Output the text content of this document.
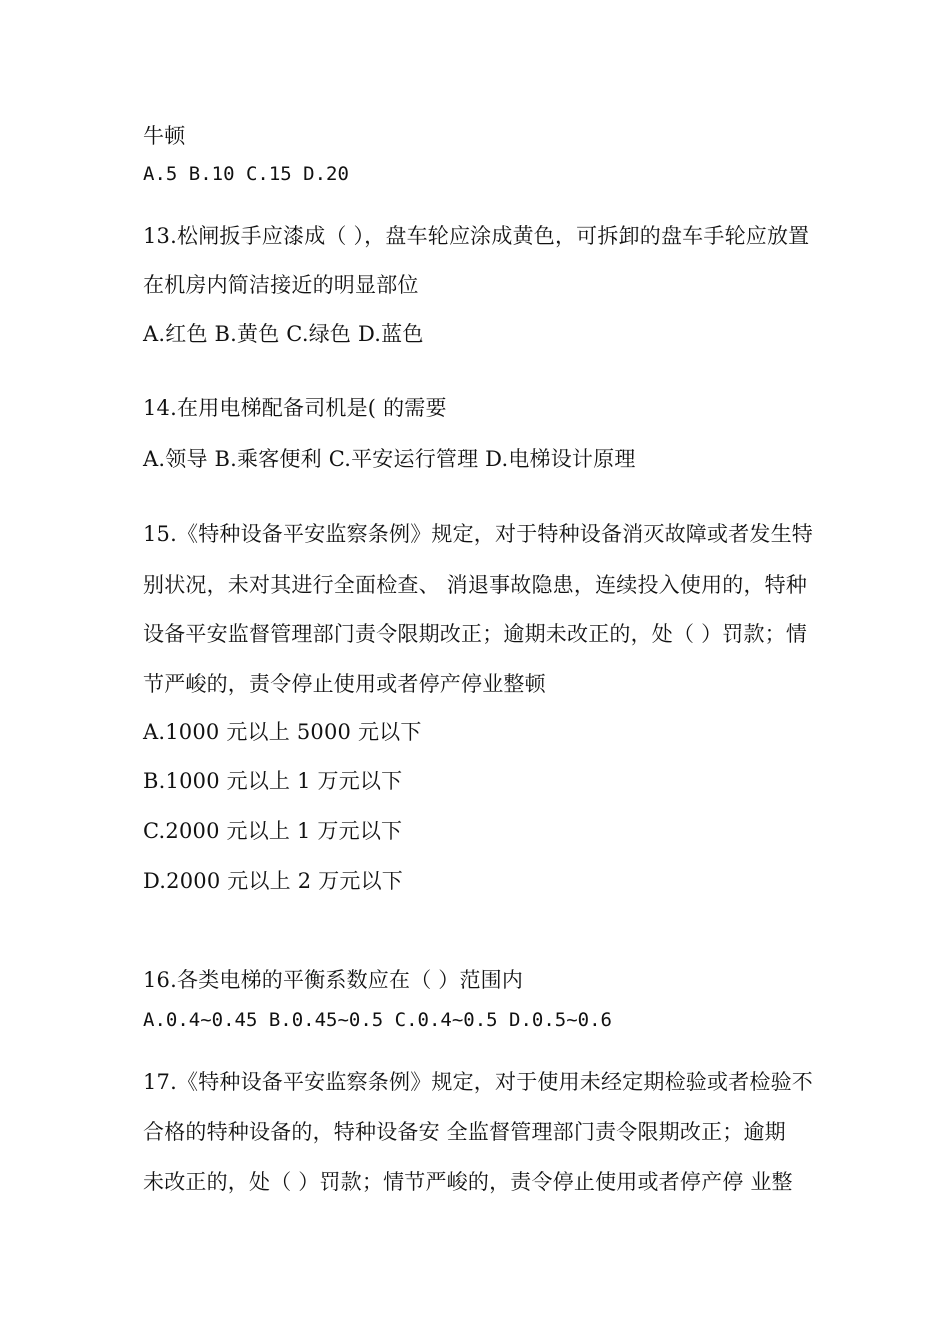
牛顿
A.5 B.10 C.15 D.20
13.松闸扳手应漆成（ ），盘车轮应涂成黄色，可拆卸的盘车手轮应放置
在机房内简洁接近的明显部位
A.红色 B.黄色 C.绿色 D.蓝色
14.在用电梯配备司机是( 的需要
A.领导 B.乘客便利 C.平安运行管理 D.电梯设计原理
15.《特种设备平安监察条例》规定，对于特种设备消灭故障或者发生特
别状况，未对其进行全面检查、 消退事故隐患，连续投入使用的，特种
设备平安监督管理部门责令限期改正；逾期未改正的，处（ ）罚款；情
节严峻的，责令停止使用或者停产停业整顿
A.1000 元以上 5000 元以下
B.1000 元以上 1 万元以下
C.2000 元以上 1 万元以下
D.2000 元以上 2 万元以下
16.各类电梯的平衡系数应在（ ）范围内
A.0.4~0.45 B.0.45~0.5 C.0.4~0.5 D.0.5~0.6
17.《特种设备平安监察条例》规定，对于使用未经定期检验或者检验不
合格的特种设备的，特种设备安 全监督管理部门责令限期改正；逾期
未改正的，处（ ）罚款；情节严峻的，责令停止使用或者停产停 业整
